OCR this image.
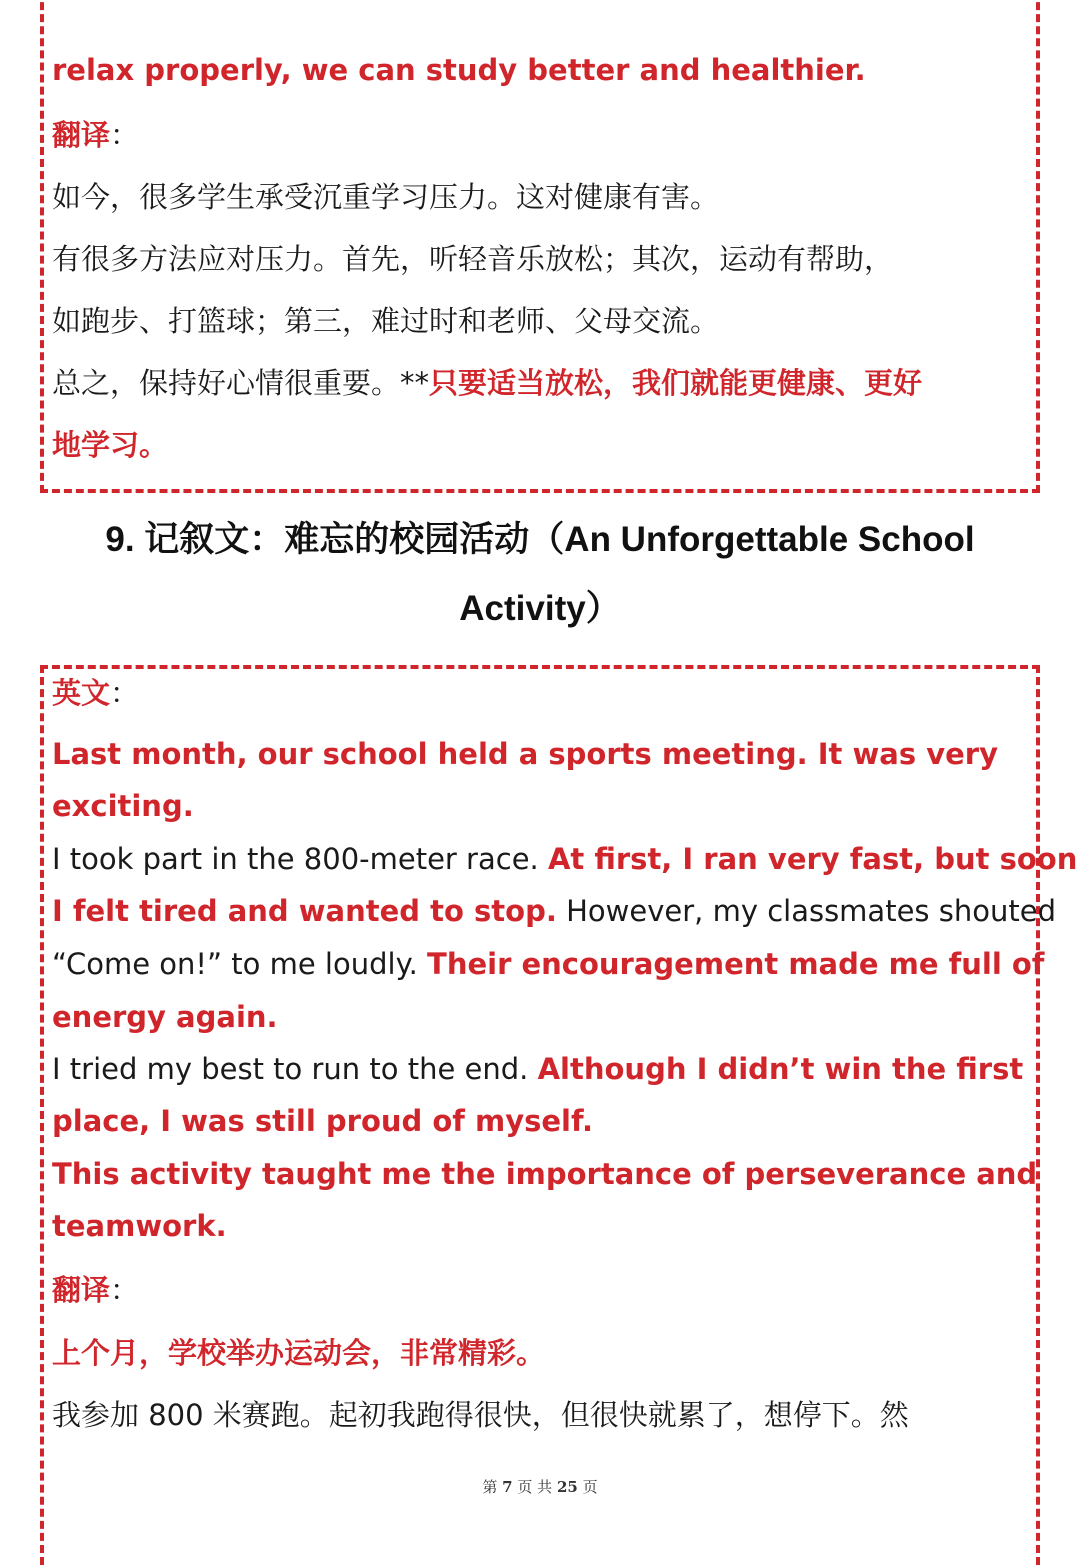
relax properly, we can study better and healthier.
翻译：
如今，很多学生承受沉重学习压力。这对健康有害。
有很多方法应对压力。首先，听轻音乐放松；其次，运动有帮助，
如跑步、打篮球；第三，难过时和老师、父母交流。
总之，保持好心情很重要。**只要适当放松，我们就能更健康、更好
地学习。
9. 记叙文：难忘的校园活动（An Unforgettable School
Activity）
英文：
Last month, our school held a sports meeting. It was very
exciting.
I took part in the 800-meter race. At first, I ran very fast, but soon
I felt tired and wanted to stop. However, my classmates shouted
“Come on!” to me loudly. Their encouragement made me full of
energy again.
I tried my best to run to the end. Although I didn’t win the first
place, I was still proud of myself.
This activity taught me the importance of perseverance and
teamwork.
翻译：
上个月，学校举办运动会，非常精彩。
我参加 800 米赛跑。起初我跑得很快，但很快就累了，想停下。然
第 7 页 共 25 页
